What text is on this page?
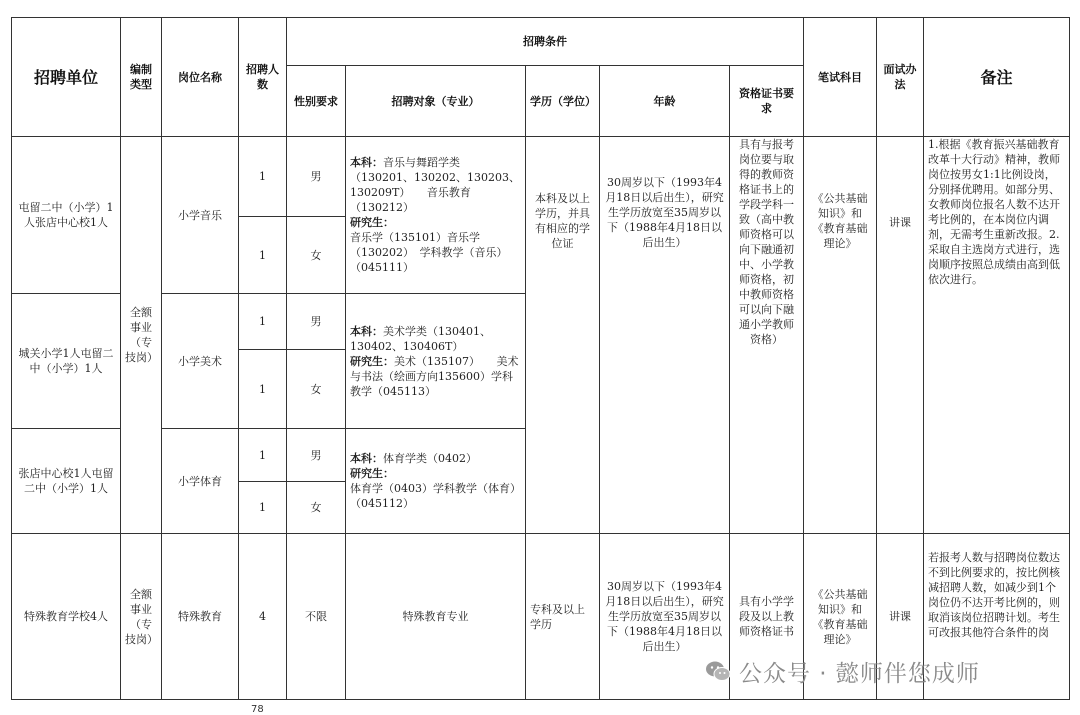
招聘单位	编制类型	岗位名称	招聘人数	招聘条件					笔试科目	面试办法	备注
				性别要求	招聘对象（专业）	学历（学位）	年龄	资格证书要求			
屯留二中（小学）1人张店中心校1人	全额事业（专技岗）	小学音乐	1	男	本科：音乐与舞蹈学类（130201、130202、130203、130209T）　　音乐教育（130212）
研究生：
音乐学（135101）音乐学（130202）　学科教学（音乐）（045111）	本科及以上学历，并具有相应的学位证	30周岁以下（1993年4月18日以后出生），研究生学历放宽至35周岁以下（1988年4月18日以后出生）	具有与报考岗位要与取得的教师资格证书上的学段学科一致（高中教师资格可以向下融通初中、小学教师资格，初中教师资格可以向下融通小学教师资格）	《公共基础知识》和《教育基础理论》	讲课	1.根据《教育振兴基础教育改革十大行动》精神，教师岗位按男女1:1比例设岗，分别择优聘用。如部分男、女教师岗位报名人数不达开考比例的，在本岗位内调剂，无需考生重新改报。2.采取自主选岗方式进行，选岗顺序按照总成绩由高到低依次进行。
			1	女							
城关小学1人屯留二中（小学）1人		小学美术	1	男	本科：美术学类（130401、130402、130406T）
研究生：美术（135107）　　美术与书法（绘画方向135600）学科教学（045113）						
			1	女							
张店中心校1人屯留二中（小学）1人		小学体育	1	男	本科：体育学类（0402）
研究生：
体育学（0403）学科教学（体育）（045112）						
			1	女							
特殊教育学校4人	全额事业（专技岗）	特殊教育	4	不限	特殊教育专业	专科及以上学历	30周岁以下（1993年4月18日以后出生），研究生学历放宽至35周岁以下（1988年4月18日以后出生）	具有小学学段及以上教师资格证书	《公共基础知识》和《教育基础理论》	讲课	若报考人数与招聘岗位数达不到比例要求的，按比例核减招聘人数，如减少到1个岗位仍不达开考比例的，则取消该岗位招聘计划。考生可改报其他符合条件的岗
公众号 · 懿师伴您成师
78
